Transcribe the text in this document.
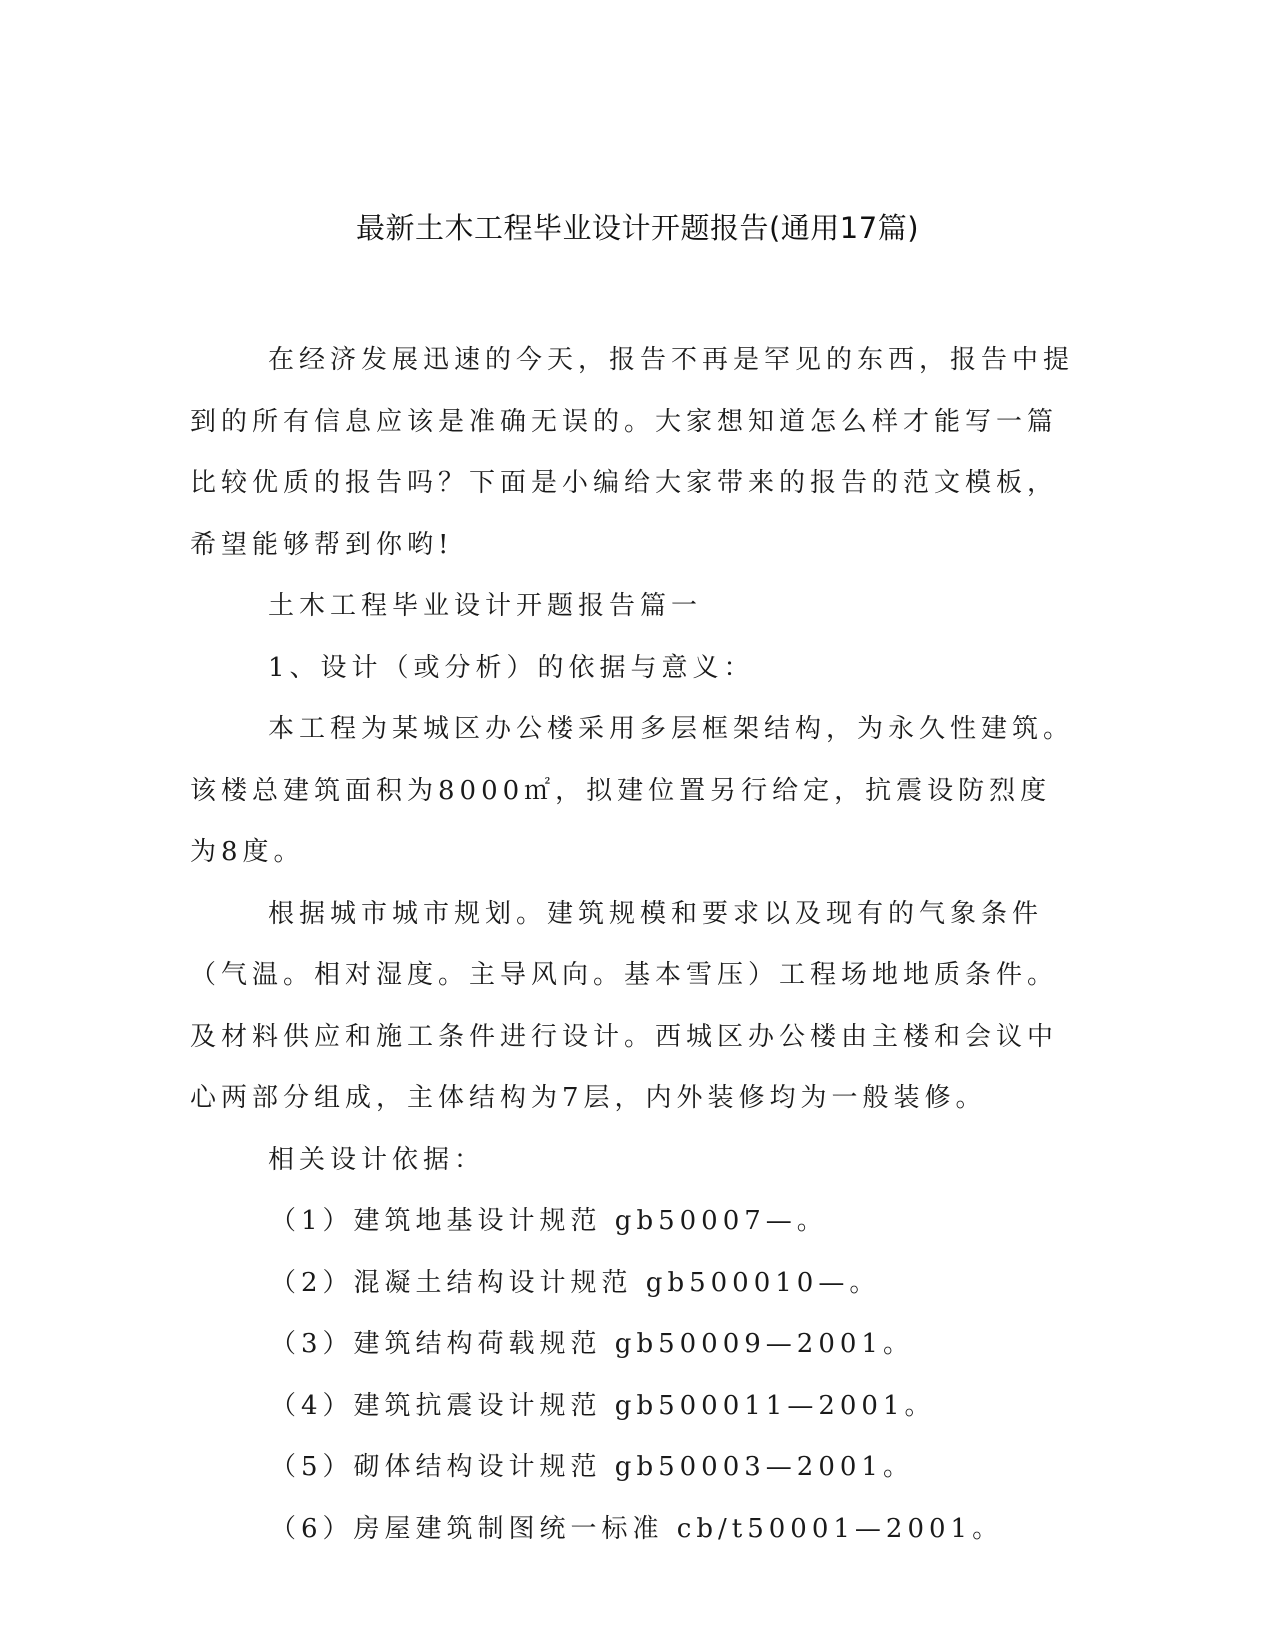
最新土木工程毕业设计开题报告(通用17篇)

在经济发展迅速的今天，报告不再是罕见的东西，报告中提到的所有信息应该是准确无误的。大家想知道怎么样才能写一篇比较优质的报告吗？下面是小编给大家带来的报告的范文模板，希望能够帮到你哟!

土木工程毕业设计开题报告篇一

1、设计（或分析）的依据与意义：

本工程为某城区办公楼采用多层框架结构，为永久性建筑。该楼总建筑面积为8000㎡，拟建位置另行给定，抗震设防烈度为8度。

根据城市城市规划。建筑规模和要求以及现有的气象条件（气温。相对湿度。主导风向。基本雪压）工程场地地质条件。及材料供应和施工条件进行设计。西城区办公楼由主楼和会议中心两部分组成，主体结构为7层，内外装修均为一般装修。

相关设计依据：

（1）建筑地基设计规范 gb50007—。

（2）混凝土结构设计规范 gb500010—。

（3）建筑结构荷载规范 gb50009—2001。

（4）建筑抗震设计规范 gb500011—2001。

（5）砌体结构设计规范 gb50003—2001。

（6）房屋建筑制图统一标准 cb/t50001—2001。
